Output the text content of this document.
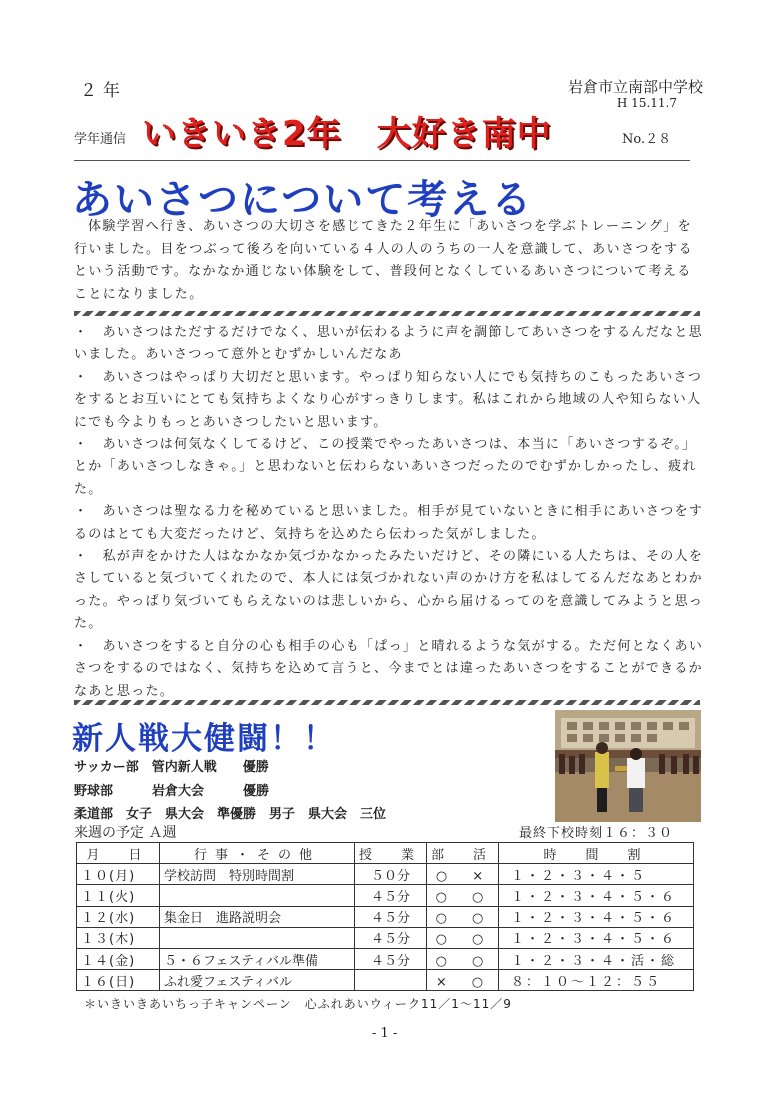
２年	岩倉市立南部中学校
H 15.11.7
学年通信 いきいき2年　大好き南中	No.２８
あいさつについて考える
体験学習へ行き、あいさつの大切さを感じてきた２年生に「あいさつを学ぶトレーニング」を行いました。目をつぶって後ろを向いている４人の人のうちの一人を意識して、あいさつをするという活動です。なかなか通じない体験をして、普段何となくしているあいさつについて考えることになりました。

・　あいさつはただするだけでなく、思いが伝わるように声を調節してあいさつをするんだなと思いました。あいさつって意外とむずかしいんだなあ

・　あいさつはやっぱり大切だと思います。やっぱり知らない人にでも気持ちのこもったあいさつをするとお互いにとても気持ちよくなり心がすっきりします。私はこれから地域の人や知らない人にでも今よりもっとあいさつしたいと思います。

・　あいさつは何気なくしてるけど、この授業でやったあいさつは、本当に「あいさつするぞ。」とか「あいさつしなきゃ。」と思わないと伝わらないあいさつだったのでむずかしかったし、疲れた。

・　あいさつは聖なる力を秘めていると思いました。相手が見ていないときに相手にあいさつをするのはとても大変だったけど、気持ちを込めたら伝わった気がしました。

・　私が声をかけた人はなかなか気づかなかったみたいだけど、その隣にいる人たちは、その人をさしていると気づいてくれたので、本人には気づかれない声のかけ方を私はしてるんだなあとわかった。やっぱり気づいてもらえないのは悲しいから、心から届けるってのを意識してみようと思った。

・　あいさつをすると自分の心も相手の心も「ぱっ」と晴れるような気がする。ただ何となくあいさつをするのではなく、気持ちを込めて言うと、今までとは違ったあいさつをすることができるかなあと思った。

新人戦大健闘！！
サッカー部　管内新人戦　　優勝
野球部　　　岩倉大会　　　優勝
柔道部　女子　県大会　準優勝　男子　県大会　三位
来週の予定 Ａ週	最終下校時刻１６：３０
月　日	行事・その他	授　業	部　活	時　間　割
１０(月)	学校訪問　特別時間割	５０分	○　×	１・２・３・４・５
１１(火)		４５分	○　○	１・２・３・４・５・６
１２(水)	集金日　進路説明会	４５分	○　○	１・２・３・４・５・６
１３(木)		４５分	○　○	１・２・３・４・５・６
１４(金)	５・６フェスティバル準備	４５分	○　○	１・２・３・４・活・総
１６(日)	ふれ愛フェスティバル		×　○	８：１０～１２：５５
＊いきいきあいちっ子キャンペーン　心ふれあいウィーク11／1～11／9
- 1 -
